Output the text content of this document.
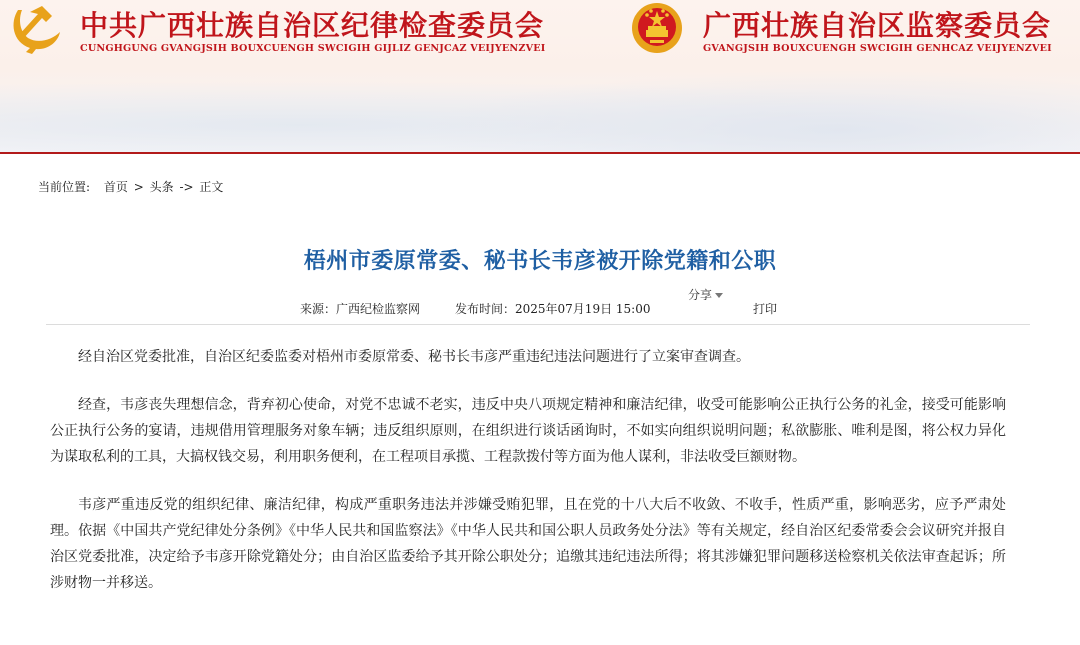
中共广西壮族自治区纪律检查委员会
CUNGHGUNG GVANGJSIH BOUXCUENGH SWCIGIH GIJLIZ GENJCAZ VEIJYENZVEI
广西壮族自治区监察委员会
GVANGJSIH BOUXCUENGH SWCIGIH GENHCAZ VEIJYENZVEI
当前位置: 首页 > 头条 -> 正文
梧州市委原常委、秘书长韦彦被开除党籍和公职
分享
来源：广西纪检监察网	发布时间：2025年07月19日 15:00	打印

经自治区党委批准，自治区纪委监委对梧州市委原常委、秘书长韦彦严重违纪违法问题进行了立案审查调查。

经查，韦彦丧失理想信念，背弃初心使命，对党不忠诚不老实，违反中央八项规定精神和廉洁纪律，收受可能影响公正执行公务的礼金，接受可能影响公正执行公务的宴请，违规借用管理服务对象车辆；违反组织原则，在组织进行谈话函询时，不如实向组织说明问题；私欲膨胀、唯利是图，将公权力异化为谋取私利的工具，大搞权钱交易，利用职务便利，在工程项目承揽、工程款拨付等方面为他人谋利，非法收受巨额财物。

韦彦严重违反党的组织纪律、廉洁纪律，构成严重职务违法并涉嫌受贿犯罪，且在党的十八大后不收敛、不收手，性质严重，影响恶劣，应予严肃处理。依据《中国共产党纪律处分条例》《中华人民共和国监察法》《中华人民共和国公职人员政务处分法》等有关规定，经自治区纪委常委会会议研究并报自治区党委批准，决定给予韦彦开除党籍处分；由自治区监委给予其开除公职处分；追缴其违纪违法所得；将其涉嫌犯罪问题移送检察机关依法审查起诉；所涉财物一并移送。
